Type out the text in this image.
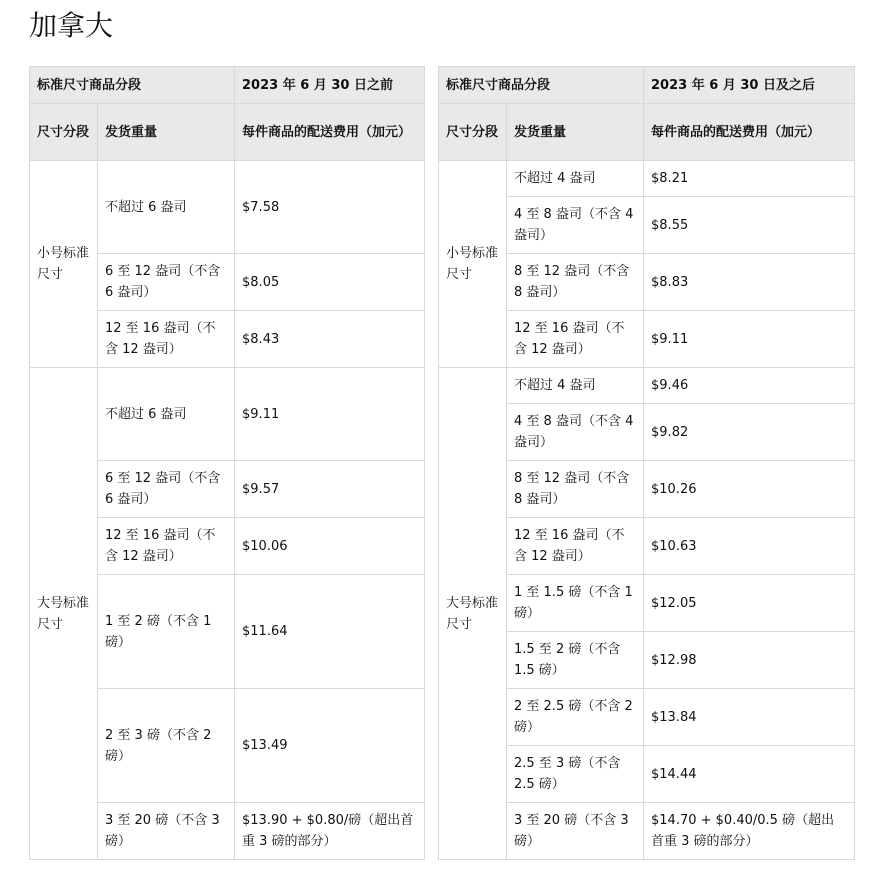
加拿大
标准尺寸商品分段		2023 年 6 月 30 日之前
尺寸分段	发货重量	每件商品的配送费用（加元）
小号标准尺寸	不超过 6 盎司	$7.58
	6 至 12 盎司（不含 6 盎司）	$8.05
	12 至 16 盎司（不含 12 盎司）	$8.43
大号标准尺寸	不超过 6 盎司	$9.11
	6 至 12 盎司（不含 6 盎司）	$9.57
	12 至 16 盎司（不含 12 盎司）	$10.06
	1 至 2 磅（不含 1 磅）	$11.64
	2 至 3 磅（不含 2 磅）	$13.49
	3 至 20 磅（不含 3 磅）	$13.90 + $0.80/磅（超出首重 3 磅的部分）
标准尺寸商品分段		2023 年 6 月 30 日及之后
尺寸分段	发货重量	每件商品的配送费用（加元）
小号标准尺寸	不超过 4 盎司	$8.21
	4 至 8 盎司（不含 4 盎司）	$8.55
	8 至 12 盎司（不含 8 盎司）	$8.83
	12 至 16 盎司（不含 12 盎司）	$9.11
大号标准尺寸	不超过 4 盎司	$9.46
	4 至 8 盎司（不含 4 盎司）	$9.82
	8 至 12 盎司（不含 8 盎司）	$10.26
	12 至 16 盎司（不含 12 盎司）	$10.63
	1 至 1.5 磅（不含 1 磅）	$12.05
	1.5 至 2 磅（不含 1.5 磅）	$12.98
	2 至 2.5 磅（不含 2 磅）	$13.84
	2.5 至 3 磅（不含 2.5 磅）	$14.44
	3 至 20 磅（不含 3 磅）	$14.70 + $0.40/0.5 磅（超出首重 3 磅的部分）
